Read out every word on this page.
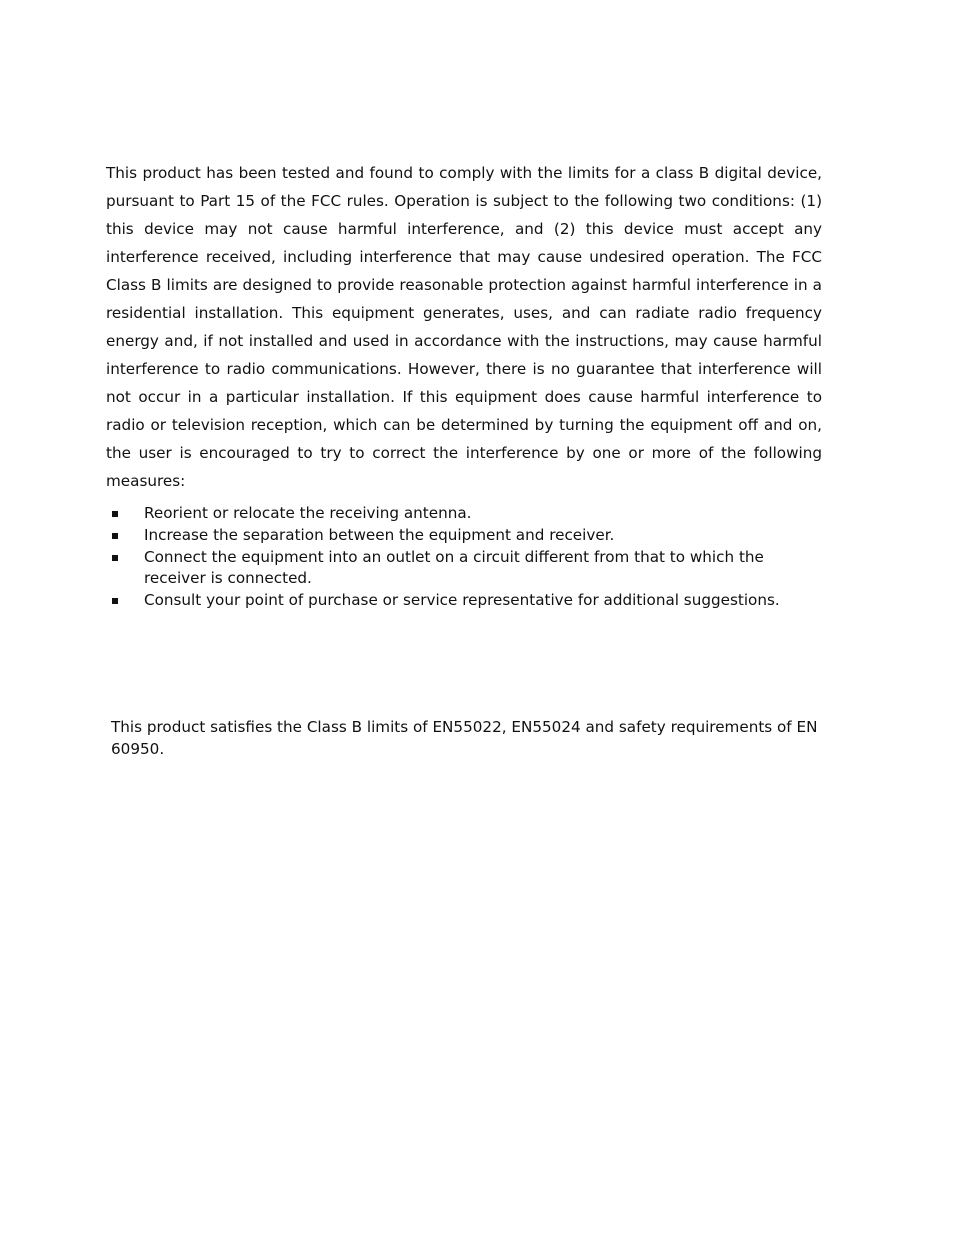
This product has been tested and found to comply with the limits for a class B digital device, pursuant to Part 15 of the FCC rules. Operation is subject to the following two conditions: (1) this device may not cause harmful interference, and (2) this device must accept any interference received, including interference that may cause undesired operation. The FCC Class B limits are designed to provide reasonable protection against harmful interference in a residential installation. This equipment generates, uses, and can radiate radio frequency energy and, if not installed and used in accordance with the instructions, may cause harmful interference to radio communications. However, there is no guarantee that interference will not occur in a particular installation. If this equipment does cause harmful interference to radio or television reception, which can be determined by turning the equipment off and on, the user is encouraged to try to correct the interference by one or more of the following measures:

Reorient or relocate the receiving antenna.
Increase the separation between the equipment and receiver.
Connect the equipment into an outlet on a circuit different from that to which the receiver is connected.
Consult your point of purchase or service representative for additional suggestions.

This product satisfies the Class B limits of EN55022, EN55024 and safety requirements of EN 60950.
